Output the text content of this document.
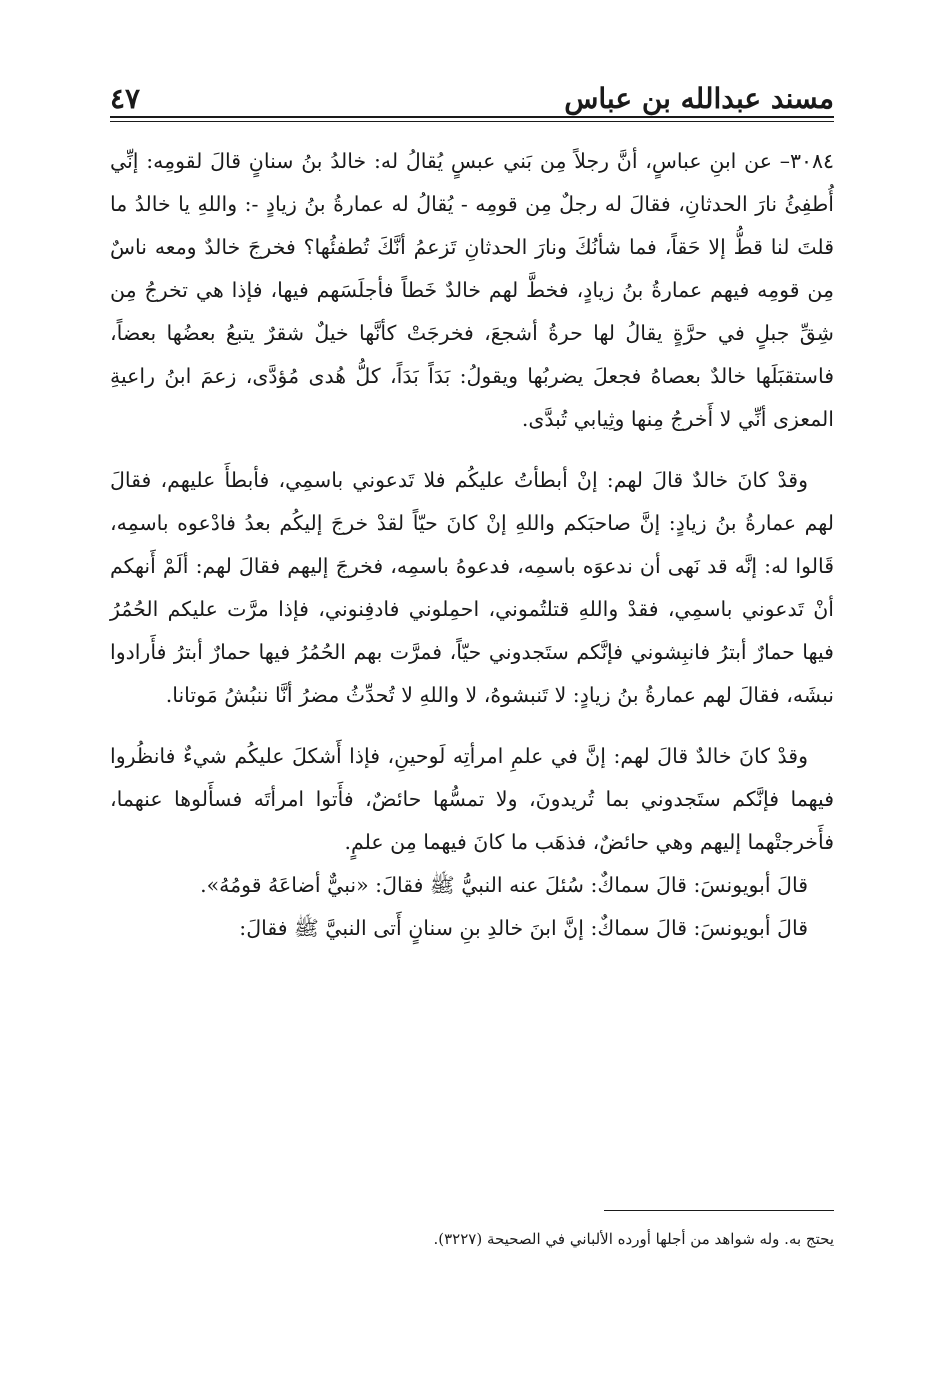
مسند عبدالله بن عباس
٤٧

٣٠٨٤– عن ابنِ عباسٍ، أنَّ رجلاً مِن بَني عبسٍ يُقالُ له: خالدُ بنُ سنانٍ قالَ لقومِه: إنِّي أُطفِئُ نارَ الحدثانِ، فقالَ له رجلٌ مِن قومِه - يُقالُ له عمارةُ بنُ زيادٍ -: واللهِ يا خالدُ ما قلتَ لنا قطُّ إلا حَقاً، فما شأنُكَ ونارَ الحدثانِ تَزعمُ أنَّكَ تُطفئُها؟ فخرجَ خالدٌ ومعه ناسٌ مِن قومِه فيهم عمارةُ بنُ زيادٍ، فخطَّ لهم خالدٌ خَطاً فأجلَسَهم فيها، فإذا هي تخرجُ مِن شِقِّ جبلٍ في حرَّةٍ يقالُ لها حرةُ أشجعَ، فخرجَتْ كأنَّها خيلٌ شقرٌ يتبعُ بعضُها بعضاً، فاستقبَلَها خالدٌ بعصاهُ فجعلَ يضربُها ويقولُ: بَدَاً بَدَاً، كلُّ هُدى مُؤدَّى، زعمَ ابنُ راعيةِ المعزى أنِّي لا أَخرجُ مِنها وثِيابي تُبدَّى.

وقدْ كانَ خالدٌ قالَ لهم: إنْ أبطأتُ عليكُم فلا تَدعوني باسمِي، فأبطأَ عليهم، فقالَ لهم عمارةُ بنُ زيادٍ: إنَّ صاحبَكم واللهِ إنْ كانَ حيّاً لقدْ خرجَ إليكُم بعدُ فادْعوه باسمِه، قَالوا له: إنَّه قد نَهى أن ندعوَه باسمِه، فدعوهُ باسمِه، فخرجَ إليهم فقالَ لهم: ألَمْ أَنهكم أنْ تَدعوني باسمِي، فقدْ واللهِ قتلتُموني، احمِلوني فادفِنوني، فإذا مرَّت عليكم الحُمُرُ فيها حمارٌ أبترُ فانبِشوني فإنَّكم ستَجدوني حيّاً، فمرَّت بهم الحُمُرُ فيها حمارٌ أبترُ فأَرادوا نبشَه، فقالَ لهم عمارةُ بنُ زيادٍ: لا تَنبشوهُ، لا واللهِ لا تُحدِّثُ مضرُ أنَّا ننبُشُ مَوتانا.

وقدْ كانَ خالدٌ قالَ لهم: إنَّ في علمِ امرأتِه لَوحينِ، فإذا أَشكلَ عليكُم شيءٌ فانظُروا فيهما فإنَّكم ستَجدوني بما تُريدونَ، ولا تمسُّها حائضٌ، فأَتوا امرأتَه فسأَلوها عنهما، فأَخرجتْهما إليهم وهي حائضٌ، فذهَب ما كانَ فيهما مِن علمٍ.

قالَ أبويونسَ: قالَ سماكٌ: سُئلَ عنه النبيُّ ﷺ فقالَ: «نبيٌّ أضاعَهُ قومُهُ».

قالَ أبويونسَ: قالَ سماكٌ: إنَّ ابنَ خالدِ بنِ سنانٍ أَتى النبيَّ ﷺ فقالَ:

يحتج به. وله شواهد من أجلها أورده الألباني في الصحيحة (٣٢٢٧).
